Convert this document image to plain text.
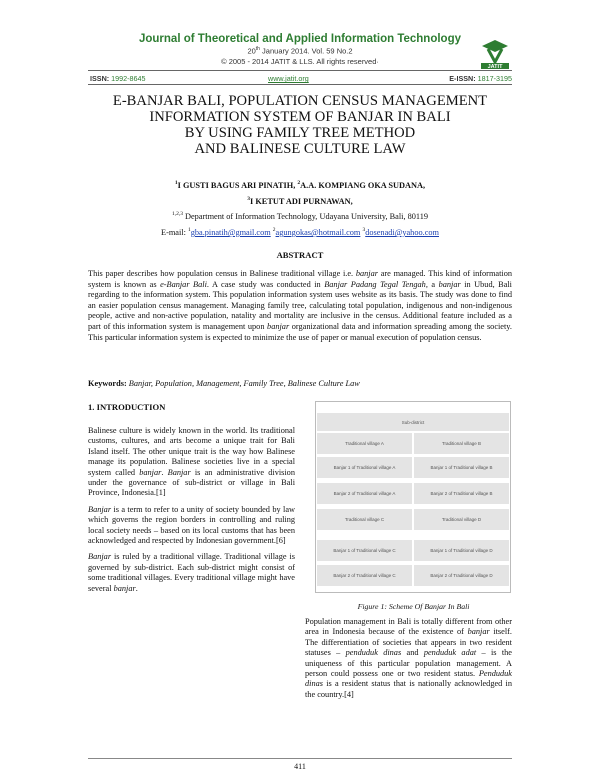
Journal of Theoretical and Applied Information Technology
20th January 2014. Vol. 59 No.2
© 2005 - 2014 JATIT & LLS. All rights reserved·
JATIT
ISSN: 1992-8645	www.jatit.org	E-ISSN: 1817-3195
E-BANJAR BALI, POPULATION CENSUS MANAGEMENT
INFORMATION SYSTEM OF BANJAR IN BALI
BY USING FAMILY TREE METHOD
AND BALINESE CULTURE LAW
$^1$I GUSTI BAGUS ARI PINATIH, $^2$A.A. KOMPIANG OKA SUDANA,
$^3$I KETUT ADI PURNAWAN,
$^{1,2,3}$ Department of Information Technology, Udayana University, Bali, 80119
E-mail: $^1$gba.pinatih@gmail.com $^2$agungokas@hotmail.com $^3$dosenadi@yahoo.com
ABSTRACT
This paper describes how population census in Balinese traditional village i.e. banjar are managed. This kind of information system is known as e-Banjar Bali. A case study was conducted in Banjar Padang Tegal Tengah, a banjar in Ubud, Bali regarding to the information system. This population information system uses website as its basis. The study was done to find an easier population census management. Managing family tree, calculating total population, indigenous and non-indigenous people, active and non-active population, natality and mortality are inclusive in the census. Additional feature included as a part of this information system is management upon banjar organizational data and information spreading among the society. This particular information system is expected to minimize the use of paper or manual execution of population census.
Keywords: Banjar, Population, Management, Family Tree, Balinese Culture Law
1. INTRODUCTION

Balinese culture is widely known in the world. Its traditional customs, cultures, and arts become a unique trait for Bali Island itself. The other unique trait is the way how Balinese manage its population. Balinese societies live in a special system called banjar. Banjar is an administrative division under the governance of sub-district or village in Bali Province, Indonesia.[1]

Banjar is a term to refer to a unity of society bounded by law which governs the region borders in controlling and ruling local society needs – based on its local customs that has been acknowledged and respected by Indonesian government.[6]

Banjar is ruled by a traditional village. Traditional village is governed by sub-district. Each sub-district might consist of some traditional villages. Every traditional village might have several banjar.

Sub-district
Traditional village A	Traditional village B
Banjar 1 of Traditional village A	Banjar 1 of Traditional village B
Banjar 2 of Traditional village A	Banjar 2 of Traditional village B
Traditional village C	Traditional village D
Banjar 1 of Traditional village C	Banjar 1 of Traditional village D
Banjar 2 of Traditional village C	Banjar 2 of Traditional village D
Figure 1: Scheme Of Banjar In Bali

Population management in Bali is totally different from other area in Indonesia because of the existence of banjar itself. The differentiation of societies that appears in two resident statuses – penduduk dinas and penduduk adat – is the uniqueness of this particular population management. A person could possess one or two resident status. Penduduk dinas is a resident status that is nationally acknowledged in the country.[4]

411
